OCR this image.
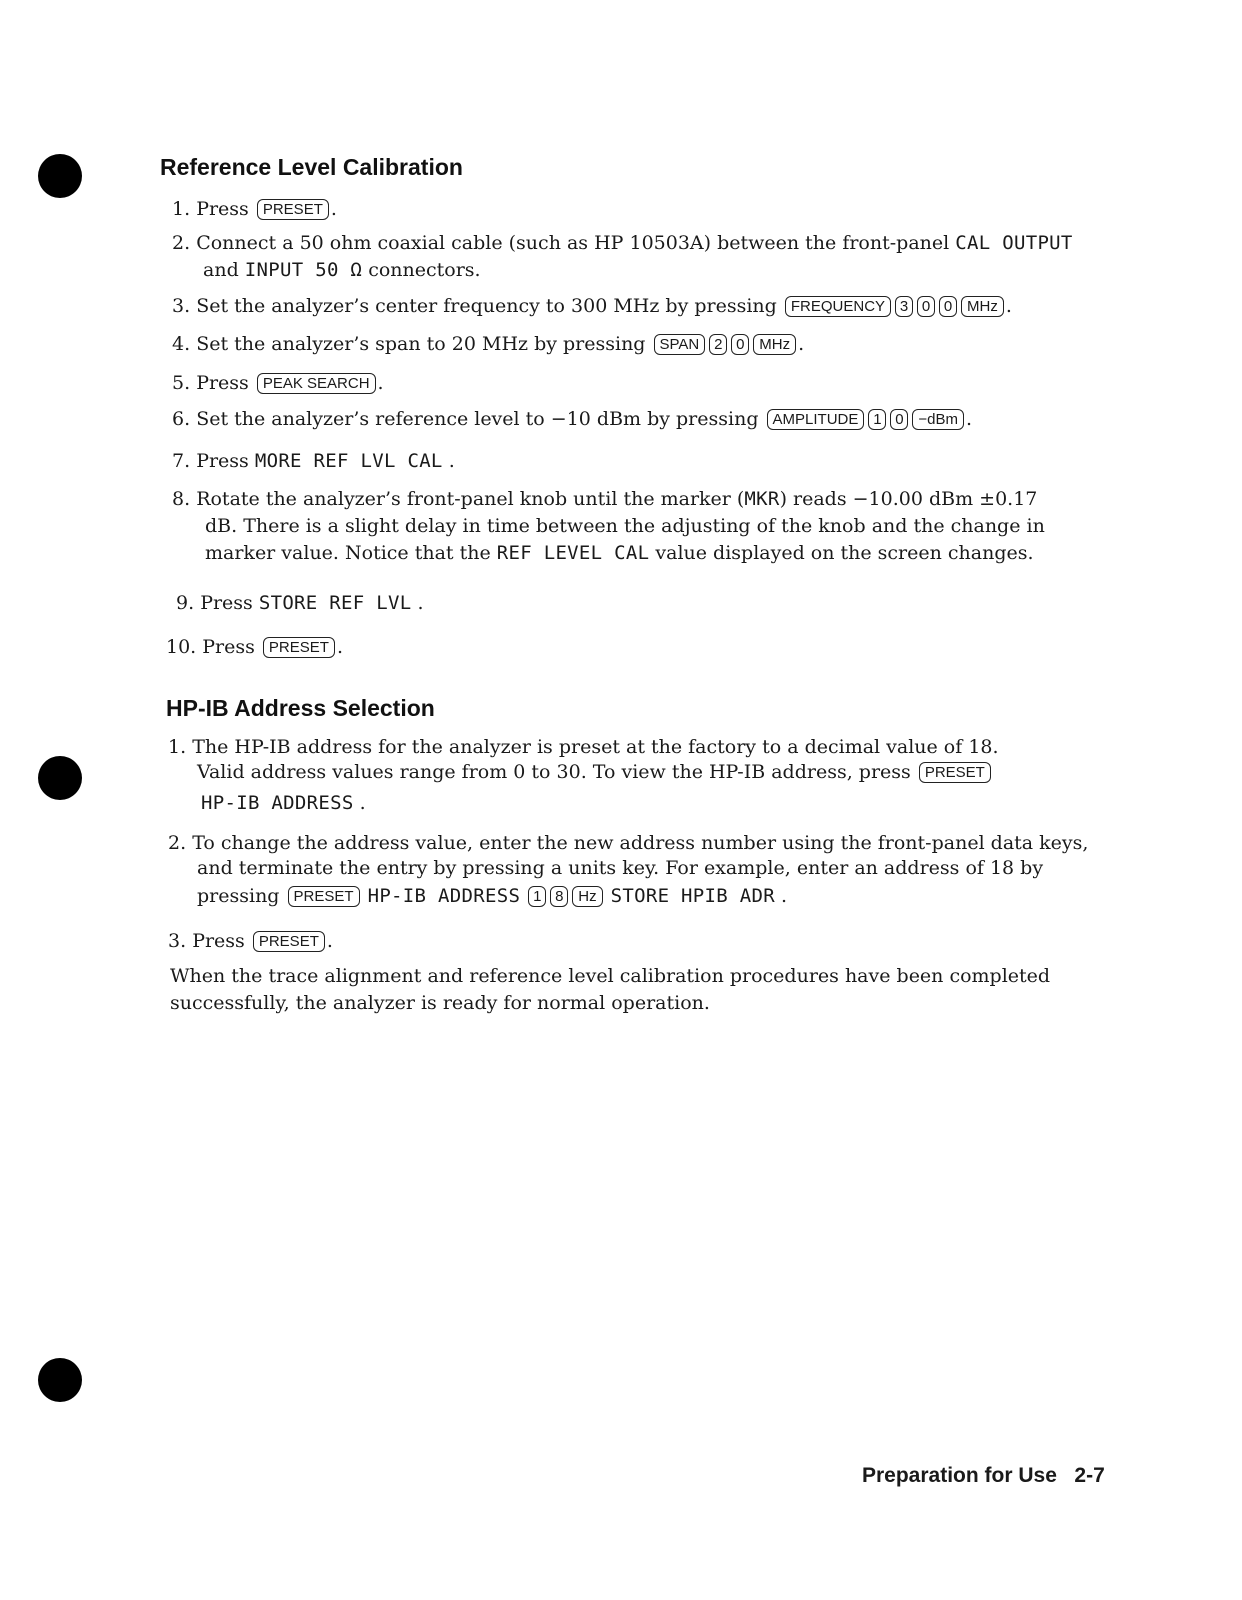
Reference Level Calibration
1. Press PRESET .
2. Connect a 50 ohm coaxial cable (such as HP 10503A) between the front-panel CAL OUTPUT
and INPUT 50 Ω connectors.
3. Set the analyzer’s center frequency to 300 MHz by pressing FREQUENCY 3 0 0 MHz .
4. Set the analyzer’s span to 20 MHz by pressing SPAN 2 0 MHz .
5. Press PEAK SEARCH .
6. Set the analyzer’s reference level to −10 dBm by pressing AMPLITUDE 1 0 −dBm .
7. Press MORE REF LVL CAL .
8. Rotate the analyzer’s front-panel knob until the marker (MKR) reads −10.00 dBm ±0.17
dB. There is a slight delay in time between the adjusting of the knob and the change in
marker value. Notice that the REF LEVEL CAL value displayed on the screen changes.
9. Press STORE REF LVL .
10. Press PRESET .
HP-IB Address Selection
1. The HP-IB address for the analyzer is preset at the factory to a decimal value of 18.
Valid address values range from 0 to 30. To view the HP-IB address, press PRESET
HP-IB ADDRESS .
2. To change the address value, enter the new address number using the front-panel data keys,
and terminate the entry by pressing a units key. For example, enter an address of 18 by
pressing PRESET HP-IB ADDRESS 1 8 Hz STORE HPIB ADR .
3. Press PRESET .
When the trace alignment and reference level calibration procedures have been completed
successfully, the analyzer is ready for normal operation.
Preparation for Use 2-7
